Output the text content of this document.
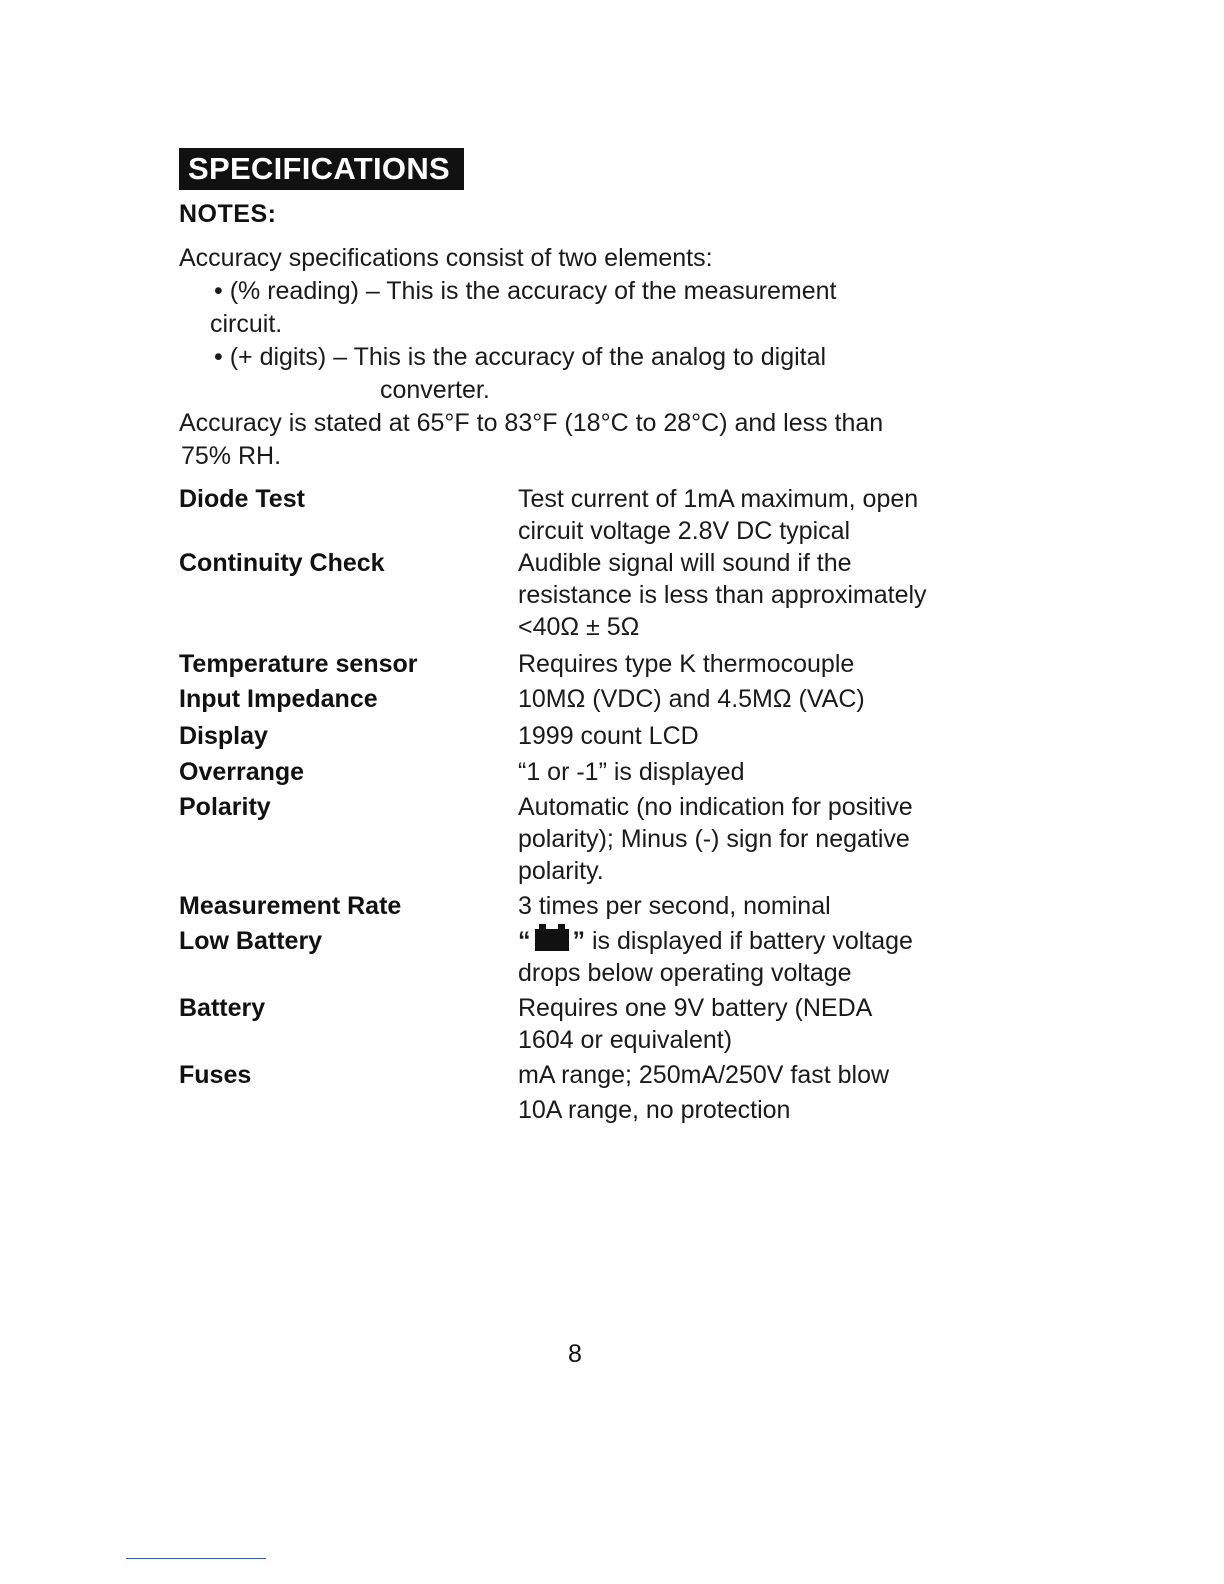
SPECIFICATIONS
NOTES:
Accuracy specifications consist of two elements:
• (% reading) – This is the accuracy of the measurement
circuit.
• (+ digits) – This is the accuracy of the analog to digital
converter.
Accuracy is stated at 65°F to 83°F (18°C to 28°C) and less than
75% RH.
Diode Test	Test current of 1mA maximum, open
circuit voltage 2.8V DC typical
Continuity Check	Audible signal will sound if the
resistance is less than approximately
<40Ω ± 5Ω
Temperature sensor	Requires type K thermocouple
Input Impedance	10MΩ (VDC) and 4.5MΩ (VAC)
Display	1999 count LCD
Overrange	“1 or -1” is displayed
Polarity	Automatic (no indication for positive
polarity); Minus (-) sign for negative
polarity.
Measurement Rate	3 times per second, nominal
Low Battery	“ ” is displayed if battery voltage
drops below operating voltage
Battery	Requires one 9V battery (NEDA
1604 or equivalent)
Fuses	mA range; 250mA/250V fast blow
10A range, no protection
8
